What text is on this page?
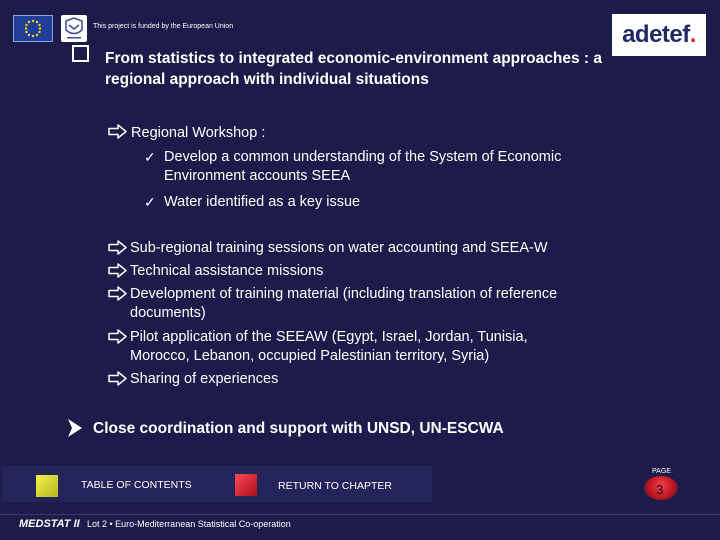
This project is funded by the European Union	adetef .
From statistics to integrated economic-environment approaches : a regional approach with individual situations
Regional Workshop :
✓ Develop a common understanding of the System of Economic Environment accounts SEEA
✓ Water identified as a key issue
Sub-regional training sessions on water accounting and SEEA-W
Technical assistance missions
Development of training material (including translation of reference documents)
Pilot application of the SEEAW (Egypt, Israel, Jordan, Tunisia, Morocco, Lebanon, occupied Palestinian territory, Syria)
Sharing of experiences
Close coordination and support with UNSD, UN-ESCWA
TABLE OF CONTENTS	RETURN TO CHAPTER
PAGE
3
MEDSTAT II Lot 2 • Euro-Mediterranean Statistical Co-operation
